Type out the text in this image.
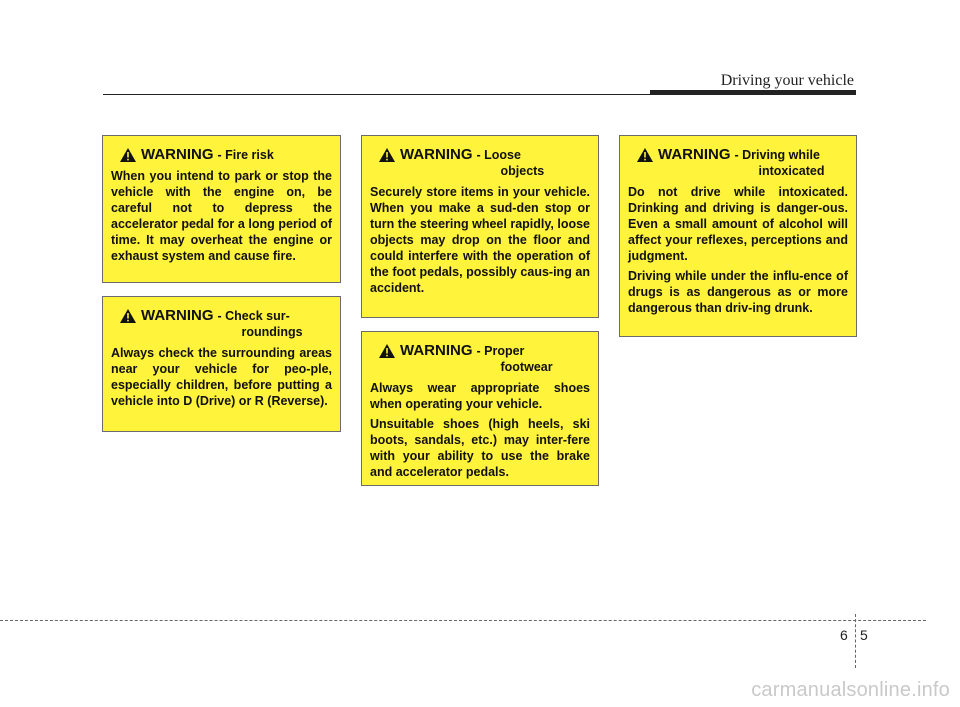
Driving your vehicle
WARNING - Fire risk

When you intend to park or stop the vehicle with the engine on, be careful not to depress the accelerator pedal for a long period of time. It may overheat the engine or exhaust system and cause fire.

WARNING - Check sur-
roundings

Always check the surrounding areas near your vehicle for peo-ple, especially children, before putting a vehicle into D (Drive) or R (Reverse).

WARNING - Loose
objects

Securely store items in your vehicle. When you make a sud-den stop or turn the steering wheel rapidly, loose objects may drop on the floor and could interfere with the operation of the foot pedals, possibly caus-ing an accident.

WARNING - Proper
footwear

Always wear appropriate shoes when operating your vehicle.

Unsuitable shoes (high heels, ski boots, sandals, etc.) may inter-fere with your ability to use the brake and accelerator pedals.

WARNING - Driving while
intoxicated

Do not drive while intoxicated. Drinking and driving is danger-ous. Even a small amount of alcohol will affect your reflexes, perceptions and judgment.

Driving while under the influ-ence of drugs is as dangerous as or more dangerous than driv-ing drunk.

6 5
carmanualsonline.info
